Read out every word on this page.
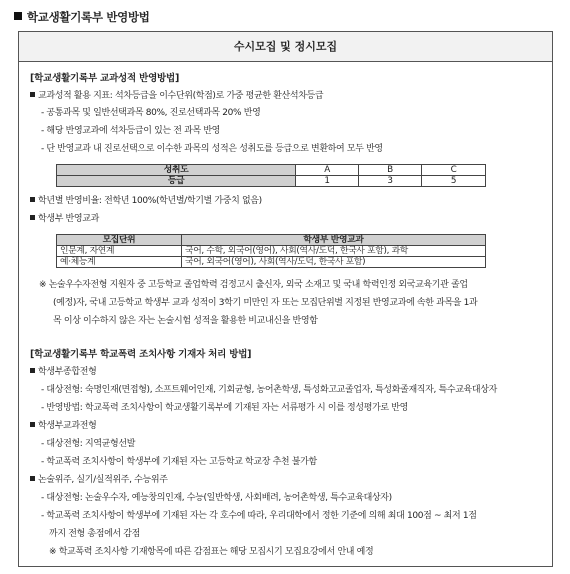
학교생활기록부 반영방법
수시모집 및 정시모집
[학교생활기록부 교과성적 반영방법]
교과성적 활용 지표: 석차등급을 이수단위(학점)로 가중 평균한 환산석차등급
- 공통과목 및 일반선택과목 80%, 진로선택과목 20% 반영
- 해당 반영교과에 석차등급이 있는 전 과목 반영
- 단 반영교과 내 진로선택으로 이수한 과목의 성적은 성취도를 등급으로 변환하여 모두 반영
성취도	A	B	C
등급	1	3	5
학년별 반영비율: 전학년 100%(학년별/학기별 가중치 없음)
학생부 반영교과
모집단위	학생부 반영교과
인문계, 자연계	국어, 수학, 외국어(영어), 사회(역사/도덕, 한국사 포함), 과학
예·체능계	국어, 외국어(영어), 사회(역사/도덕, 한국사 포함)
※ 논술우수자전형 지원자 중 고등학교 졸업학력 검정고시 출신자, 외국 소재고 및 국내 학력인정 외국교육기관 졸업
(예정)자, 국내 고등학교 학생부 교과 성적이 3학기 미만인 자 또는 모집단위별 지정된 반영교과에 속한 과목을 1과
목 이상 이수하지 않은 자는 논술시험 성적을 활용한 비교내신을 반영함
[학교생활기록부 학교폭력 조치사항 기재자 처리 방법]
학생부종합전형
- 대상전형: 숙명인재(면접형), 소프트웨어인재, 기회균형, 농어촌학생, 특성화고교졸업자, 특성화졸재직자, 특수교육대상자
- 반영방법: 학교폭력 조치사항이 학교생활기록부에 기재된 자는 서류평가 시 이를 정성평가로 반영
학생부교과전형
- 대상전형: 지역균형선발
- 학교폭력 조치사항이 학생부에 기재된 자는 고등학교 학교장 추천 불가함
논술위주, 실기/실적위주, 수능위주
- 대상전형: 논술우수자, 예능창의인재, 수능(일반학생, 사회배려, 농어촌학생, 특수교육대상자)
- 학교폭력 조치사항이 학생부에 기재된 자는 각 호수에 따라, 우리대학에서 정한 기준에 의해 최대 100점 ~ 최저 1점
까지 전형 총점에서 감점
※ 학교폭력 조치사항 기재항목에 따른 감점표는 해당 모집시기 모집요강에서 안내 예정
